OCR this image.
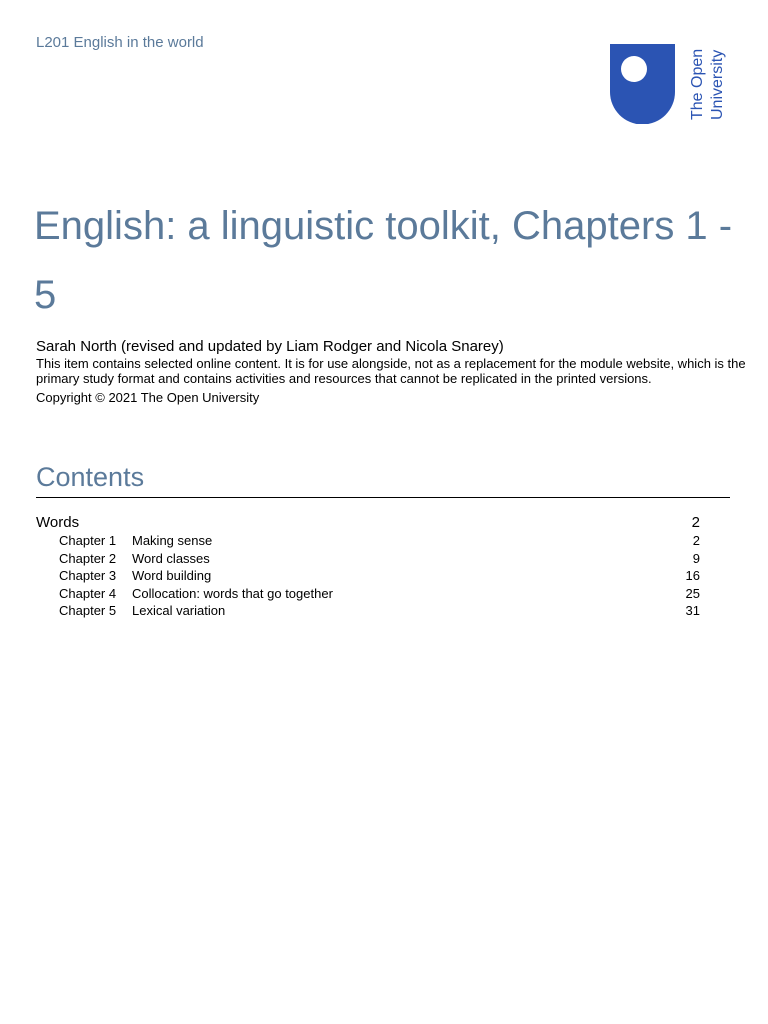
L201 English in the world
The Open University
English: a linguistic toolkit, Chapters 1 - 5
Sarah North (revised and updated by Liam Rodger and Nicola Snarey)
This item contains selected online content. It is for use alongside, not as a replacement for the module website, which is the primary study format and contains activities and resources that cannot be replicated in the printed versions.
Copyright © 2021 The Open University
Contents
Words	2
Chapter 1	Making sense	2
Chapter 2	Word classes	9
Chapter 3	Word building	16
Chapter 4	Collocation: words that go together	25
Chapter 5	Lexical variation	31
